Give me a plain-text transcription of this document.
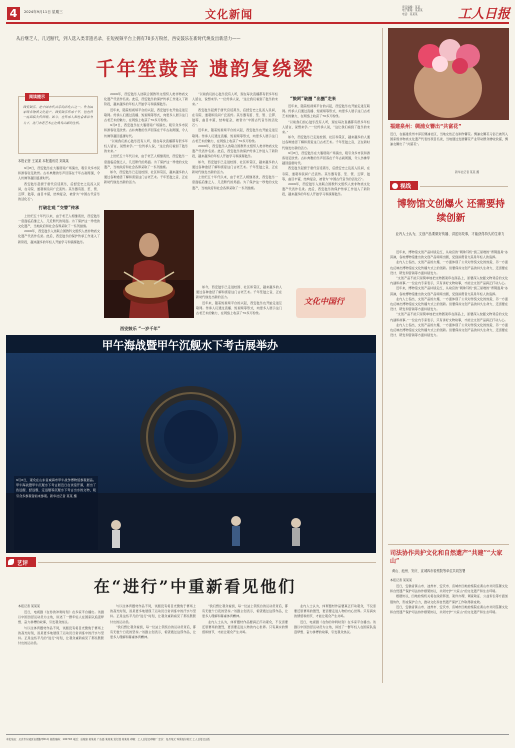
4	2024年9月11日 星期三	文化新闻
责任编辑：某某
电子邮箱：某某某
电话：某某某	工人日报
从后继乏人、几近断代，到人选入类非遗名录、在短视频平台上拥有70多万粉丝，西安鼓乐在新时代焕发出新活力——
千年笙鼓音 遗韵复绕梁
阅读提示
西安鼓乐，是中国古代音乐的活化石之一。作为国家级非物质文化遗产，西安鼓乐传承千年，但也曾一度面临失传困境。如今，在传承人和社会各界努力下，这门古老艺术正在焕发出新的生机。
本报记者 王某某 本报通讯员 刘某某

9月8日，西安鼓乐在大雁塔南广场演出，吸引众多市民和游客驻足欣赏。古朴典雅的乐声回荡在千年古刹周围，令人仿佛穿越回盛唐时代。

西安鼓乐起源于唐代宫廷燕乐，后经安史之乱流入民间，在寺院、道观和民间广泛流传。其乐器有笛、笙、管、云锣、鼓等，曲目丰富，结构复杂，被誉为“中国古代音乐的活化石”。

打破壮观 “交替”传承

上世纪五十年代以来，由于老艺人相继离世，西安鼓乐一度面临后继乏人、几近断代的局面。为了保护这一珍贵的文化遗产，当地政府和社会各界采取了一系列措施。

2009年，西安鼓乐入选联合国教科文组织人类非物质文化遗产代表作名录。此后，西安鼓乐的保护传承工作进入了新阶段，越来越多的年轻人开始学习和演奏鼓乐。

2009年，西安鼓乐入选联合国教科文组织人类非物质文化遗产代表作名录。此后，西安鼓乐的保护传承工作进入了新阶段，越来越多的年轻人开始学习和演奏鼓乐。

近年来，随着短视频平台的兴起，西安鼓乐也开始走进互联网。传承人们通过直播、短视频等形式，向更多人展示这门古老艺术的魅力，在网络上收获了70多万粉丝。

9月8日，西安鼓乐在大雁塔南广场演出，吸引众多市民和游客驻足欣赏。古朴典雅的乐声回荡在千年古刹周围，令人仿佛穿越回盛唐时代。

“以前我们担心鼓乐没有人听，现在每次直播都有很多年轻人留言，说想来学。”一位传承人说，“这让我们看到了鼓乐的未来。”

上世纪五十年代以来，由于老艺人相继离世，西安鼓乐一度面临后继乏人、几近断代的局面。为了保护这一珍贵的文化遗产，当地政府和社会各界采取了一系列措施。

如今，西安鼓乐已走进校园、社区和景区，越来越多的人通过各种途径了解和喜爱这门古老艺术。千年笙鼓之音，正在新时代焕发出新的活力。

“以前我们担心鼓乐没有人听，现在每次直播都有很多年轻人留言，说想来学。”一位传承人说，“这让我们看到了鼓乐的未来。”

西安鼓乐起源于唐代宫廷燕乐，后经安史之乱流入民间，在寺院、道观和民间广泛流传。其乐器有笛、笙、管、云锣、鼓等，曲目丰富，结构复杂，被誉为“中国古代音乐的活化石”。

近年来，随着短视频平台的兴起，西安鼓乐也开始走进互联网。传承人们通过直播、短视频等形式，向更多人展示这门古老艺术的魅力，在网络上收获了70多万粉丝。

2009年，西安鼓乐入选联合国教科文组织人类非物质文化遗产代表作名录。此后，西安鼓乐的保护传承工作进入了新阶段，越来越多的年轻人开始学习和演奏鼓乐。

如今，西安鼓乐已走进校园、社区和景区，越来越多的人通过各种途径了解和喜爱这门古老艺术。千年笙鼓之音，正在新时代焕发出新的活力。

上世纪五十年代以来，由于老艺人相继离世，西安鼓乐一度面临后继乏人、几近断代的局面。为了保护这一珍贵的文化遗产，当地政府和社会各界采取了一系列措施。

“鼓阿”破圈 “出圈”走来

近年来，随着短视频平台的兴起，西安鼓乐也开始走进互联网。传承人们通过直播、短视频等形式，向更多人展示这门古老艺术的魅力，在网络上收获了70多万粉丝。

“以前我们担心鼓乐没有人听，现在每次直播都有很多年轻人留言，说想来学。”一位传承人说，“这让我们看到了鼓乐的未来。”

如今，西安鼓乐已走进校园、社区和景区，越来越多的人通过各种途径了解和喜爱这门古老艺术。千年笙鼓之音，正在新时代焕发出新的活力。

9月8日，西安鼓乐在大雁塔南广场演出，吸引众多市民和游客驻足欣赏。古朴典雅的乐声回荡在千年古刹周围，令人仿佛穿越回盛唐时代。

西安鼓乐起源于唐代宫廷燕乐，后经安史之乱流入民间，在寺院、道观和民间广泛流传。其乐器有笛、笙、管、云锣、鼓等，曲目丰富，结构复杂，被誉为“中国古代音乐的活化石”。

2009年，西安鼓乐入选联合国教科文组织人类非物质文化遗产代表作名录。此后，西安鼓乐的保护传承工作进入了新阶段，越来越多的年轻人开始学习和演奏鼓乐。

西安鼓乐 “一岁千年”
文化中国行

如今，西安鼓乐已走进校园、社区和景区，越来越多的人通过各种途径了解和喜爱这门古老艺术。千年笙鼓之音，正在新时代焕发出新的活力。

近年来，随着短视频平台的兴起，西安鼓乐也开始走进互联网。传承人们通过直播、短视频等形式，向更多人展示这门古老艺术的魅力，在网络上收获了70多万粉丝。

甲午海战暨甲午沉舰水下考古展举办
9月6日，观众在山东省威海市甲午战争博物馆参观展品。甲午海战暨甲午沉舰水下考古展近日在该馆开幕，展出了致远舰、经远舰、定远舰等沉舰水下考古出水的文物，吸引众多参观者前来参观。新华社记者 某某 摄
福建泉州：绸浦女簪出“共富花”
近日，在福建泉州丰泽区绸浦社区，当地女性正在制作簪花。绸浦女簪花习俗已被列入国家级非物质文化遗产代表性项目名录，当地通过发展簪花产业带动群众增收致富，绸浦女簪出了“共富花”。
新华社记者 某某 摄
视线
博物馆文创爆火 还需要持续创新
业内人士认为，文创产品要做好传播、讲述好故事，才能获得持久的生命力

近年来，博物馆文创产品持续走红，从故宫的“朝珠耳机”到三星堆的“青铜面具”冰淇淋，各地博物馆推出的文创产品频频出圈，受到消费者尤其是年轻人的追捧。

业内人士指出，文创产品的火爆，一方面体现了公众对传统文化的热爱，另一方面也反映出博物馆在文化传播方式上的创新。但要保持文创产品的持久生命力，还需要在设计、研发和营销等方面持续发力。

“文创产品不能只是简单地把文物图案印在商品上，而要深入挖掘文物背后的文化内涵和故事。”一位业内专家表示，只有讲好文物故事，才能让文创产品真正打动人心。

近年来，博物馆文创产品持续走红，从故宫的“朝珠耳机”到三星堆的“青铜面具”冰淇淋，各地博物馆推出的文创产品频频出圈，受到消费者尤其是年轻人的追捧。

业内人士指出，文创产品的火爆，一方面体现了公众对传统文化的热爱，另一方面也反映出博物馆在文化传播方式上的创新。但要保持文创产品的持久生命力，还需要在设计、研发和营销等方面持续发力。

“文创产品不能只是简单地把文物图案印在商品上，而要深入挖掘文物背后的文化内涵和故事。”一位业内专家表示，只有讲好文物故事，才能让文创产品真正打动人心。

业内人士指出，文创产品的火爆，一方面体现了公众对传统文化的热爱，另一方面也反映出博物馆在文化传播方式上的创新。但要保持文创产品的持久生命力，还需要在设计、研发和营销等方面持续发力。

司法协作共护文化和自然遗产“共建”“大家山”
黄山、池州、安庆、宣城四市检察院等单位共同签署
本报记者 某某某

近日，安徽省黄山市、池州市、安庆市、宣城市四地检察院在黄山市共同签署文化和自然遗产保护司法协作框架协议，共同守护“大家山”的文化遗产和生态环境。

根据协议，四地检察机关将在线索移送、案件办理、调查取证、公益诉讼等方面加强协作，形成保护合力，推动文化和自然遗产保护工作取得新成效。

近日，安徽省黄山市、池州市、安庆市、宣城市四地检察院在黄山市共同签署文化和自然遗产保护司法协作框架协议，共同守护“大家山”的文化遗产和生态环境。

艺评
在“进行”中重新看见他们
本报记者 某某某

近日，电视剧《在你的冲刺时刻》在多家平台播出。该剧以中国田径运动员为主角，讲述了一群年轻人在国家队追逐梦想、奋力拼搏的故事，引发观众热议。

与以往体育题材作品不同，该剧没有将目光聚焦于赛场上的高光时刻，而是更多地展现了运动员日常训练中的汗水与坚持。正是这些平凡的“进行”时刻，让观众重新看见了那些默默付出的运动员。

与以往体育题材作品不同，该剧没有将目光聚焦于赛场上的高光时刻，而是更多地展现了运动员日常训练中的汗水与坚持。正是这些平凡的“进行”时刻，让观众重新看见了那些默默付出的运动员。

“我们想让观众看到，每一位站上领奖台的运动员背后，都有无数个日夜的坚持。”该剧主创表示，希望通过这部作品，让更多人理解和尊重体育精神。

“我们想让观众看到，每一位站上领奖台的运动员背后，都有无数个日夜的坚持。”该剧主创表示，希望通过这部作品，让更多人理解和尊重体育精神。

业内人士认为，体育题材作品要真正打动观众，不仅需要还原赛场的激烈，更需要走进人物的内心世界。只有真实的情感和细节，才能让观众产生共鸣。

业内人士认为，体育题材作品要真正打动观众，不仅需要还原赛场的激烈，更需要走进人物的内心世界。只有真实的情感和细节，才能让观众产生共鸣。

近日，电视剧《在你的冲刺时刻》在多家平台播出。该剧以中国田径运动员为主角，讲述了一群年轻人在国家队追逐梦想、奋力拼搏的故事，引发观众热议。

本报地址：北京市东城区安德路甲61号 邮政编码：100718 电话：总编室 某某某 广告部 某某某 发行部 某某某 印刷：工人日报社印刷厂 定价：每月某元 零售每份某元 工人日报社出版
